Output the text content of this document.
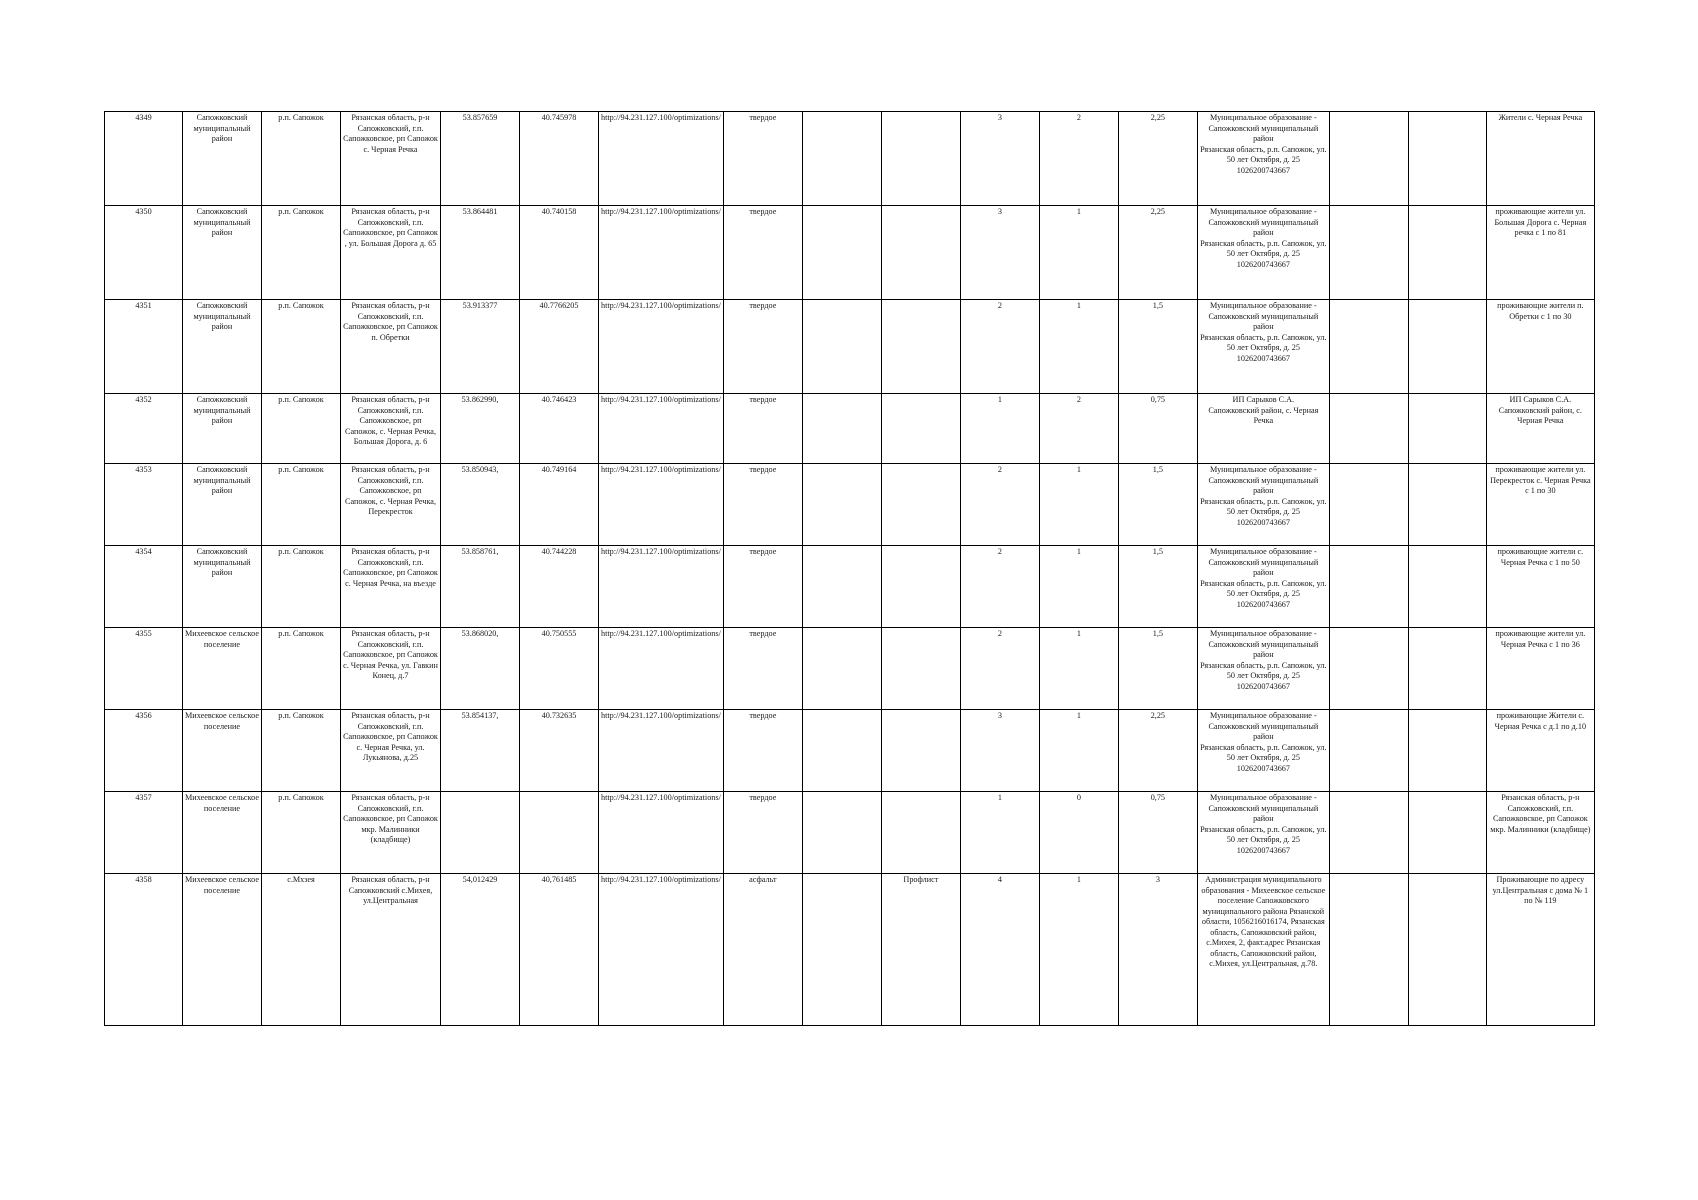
4349	Сапожковский муниципальный район	р.п. Сапожок	Рязанская область, р-н Сапожковский, г.п. Сапожковское, рп Сапожок с. Черная Речка	53.857659	40.745978	http://94.231.127.100/optimizations/	твердое			3	2	2,25	Муниципальное образование - Сапожковский муниципальный район
Рязанская область, р.п. Сапожок, ул. 50 лет Октября, д. 25
1026200743667			Жители с. Черная Речка
4350	Сапожковский муниципальный район	р.п. Сапожок	Рязанская область, р-н Сапожковский, г.п. Сапожковское, рп Сапожок , ул. Большая Дорога д. 65	53.864481	40.740158	http://94.231.127.100/optimizations/	твердое			3	1	2,25	Муниципальное образование - Сапожковский муниципальный район
Рязанская область, р.п. Сапожок, ул. 50 лет Октября, д. 25
1026200743667			проживающие жители ул. Большая Дорога с. Черная речка с 1 по 81
4351	Сапожковский муниципальный район	р.п. Сапожок	Рязанская область, р-н Сапожковский, г.п. Сапожковское, рп Сапожок п. Обретки	53.913377	40.7766205	http://94.231.127.100/optimizations/	твердое			2	1	1,5	Муниципальное образование - Сапожковский муниципальный район
Рязанская область, р.п. Сапожок, ул. 50 лет Октября, д. 25
1026200743667			проживающие жители п. Обретки с 1 по 30
4352	Сапожковский муниципальный район	р.п. Сапожок	Рязанская область, р-н Сапожковский, г.п. Сапожковское, рп Сапожок, с. Черная Речка, Большая Дорога, д. 6	53.862990,	40.746423	http://94.231.127.100/optimizations/	твердое			1	2	0,75	ИП Сарыков С.А.
Сапожковский район, с. Черная Речка			ИП Сарыков С.А.
Сапожковский район, с. Черная Речка
4353	Сапожковский муниципальный район	р.п. Сапожок	Рязанская область, р-н Сапожковский, г.п. Сапожковское, рп Сапожок, с. Черная Речка, Перекресток	53.850943,	40.749164	http://94.231.127.100/optimizations/	твердое			2	1	1,5	Муниципальное образование - Сапожковский муниципальный район
Рязанская область, р.п. Сапожок, ул. 50 лет Октября, д. 25
1026200743667			проживающие жители ул. Перекресток с. Черная Речка с 1 по 30
4354	Сапожковский муниципальный район	р.п. Сапожок	Рязанская область, р-н Сапожковский, г.п. Сапожковское, рп Сапожок с. Черная Речка, на въезде	53.858761,	40.744228	http://94.231.127.100/optimizations/	твердое			2	1	1,5	Муниципальное образование - Сапожковский муниципальный район
Рязанская область, р.п. Сапожок, ул. 50 лет Октября, д. 25
1026200743667			проживающие жители с. Черная Речка с 1 по 50
4355	Михеевское сельское поселение	р.п. Сапожок	Рязанская область, р-н Сапожковский, г.п. Сапожковское, рп Сапожок с. Черная Речка, ул. Гавкин Конец, д.7	53.868020,	40.750555	http://94.231.127.100/optimizations/	твердое			2	1	1,5	Муниципальное образование - Сапожковский муниципальный район
Рязанская область, р.п. Сапожок, ул. 50 лет Октября, д. 25
1026200743667			проживающие жители ул. Черная Речка с 1 по 36
4356	Михеевское сельское поселение	р.п. Сапожок	Рязанская область, р-н Сапожковский, г.п. Сапожковское, рп Сапожок с. Черная Речка, ул. Лукьянова, д.25	53.854137,	40.732635	http://94.231.127.100/optimizations/	твердое			3	1	2,25	Муниципальное образование - Сапожковский муниципальный район
Рязанская область, р.п. Сапожок, ул. 50 лет Октября, д. 25
1026200743667			проживающие Жители с. Черная Речка с д.1 по д.10
4357	Михеевское сельское поселение	р.п. Сапожок	Рязанская область, р-н Сапожковский, г.п. Сапожковское, рп Сапожок мкр. Малинники (кладбище)			http://94.231.127.100/optimizations/	твердое			1	0	0,75	Муниципальное образование - Сапожковский муниципальный район
Рязанская область, р.п. Сапожок, ул. 50 лет Октября, д. 25
1026200743667			Рязанская область, р-н Сапожковский, г.п. Сапожковское, рп Сапожок мкр. Малинники (кладбище)
4358	Михеевское сельское поселение	с.Мхзея	Рязанская область, р-н Сапожковский с.Михея, ул.Центральная	54,012429	40,761485	http://94.231.127.100/optimizations/	асфальт		Профлист	4	1	3	Администрация муниципального образования - Михеевское сельское поселение Сапожковского муниципального района Рязанской области, 1056216016174, Рязанская область, Сапожковский район, с.Михея, 2, факт.адрес Рязанская область, Сапожковский район, с.Михея, ул.Центральная, д.78.			Проживающие по адресу ул.Центральная с дома № 1 по № 119
